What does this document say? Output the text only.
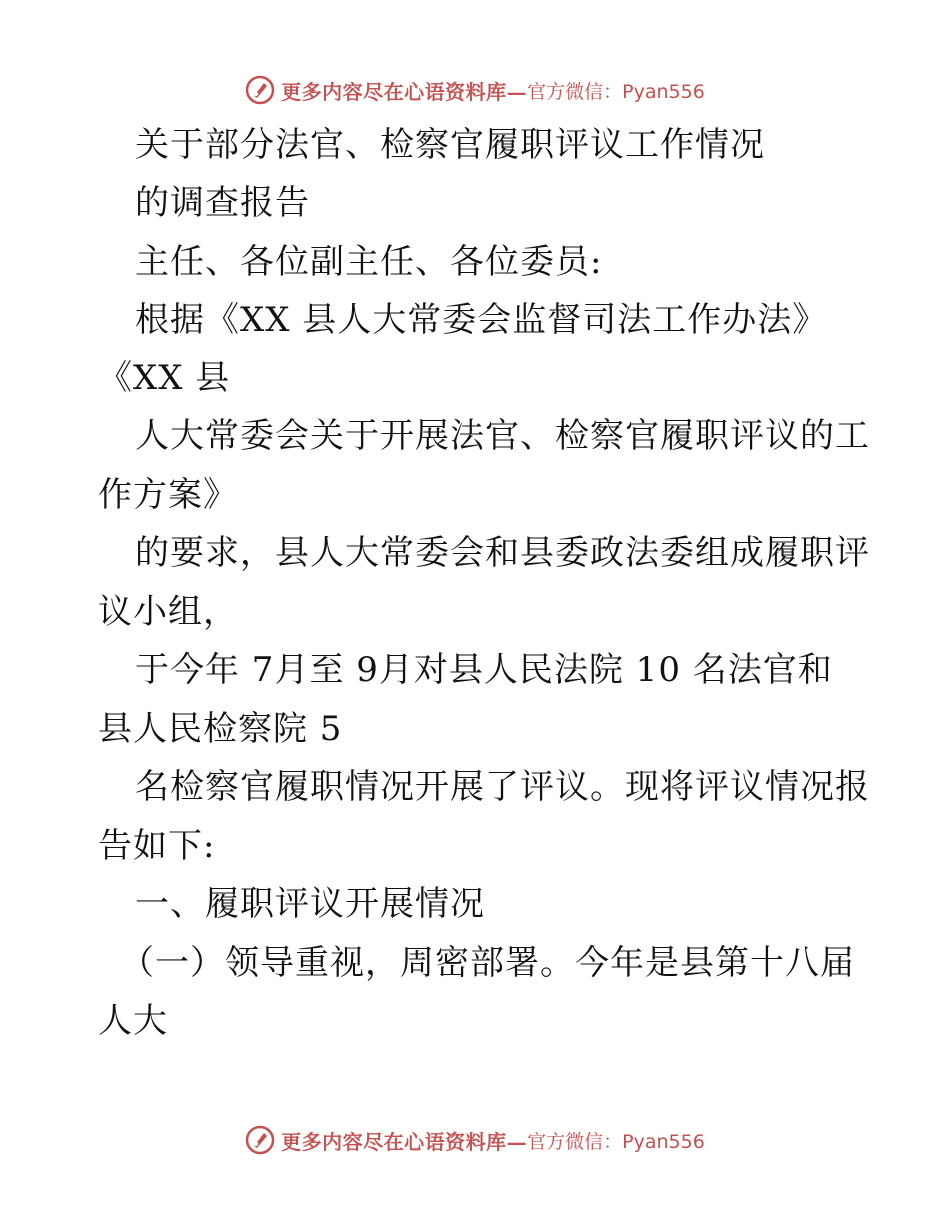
更多内容尽在心语资料库— 官方微信：Pyan556
关于部分法官、检察官履职评议工作情况
的调查报告
主任、各位副主任、各位委员:
根据《XX 县人大常委会监督司法工作办法》
《XX 县
人大常委会关于开展法官、检察官履职评议的工
作方案》
的要求，县人大常委会和县委政法委组成履职评
议小组，
于今年 7月至 9月对县人民法院 10 名法官和
县人民检察院 5
名检察官履职情况开展了评议。现将评议情况报
告如下:
一、履职评议开展情况
（一）领导重视，周密部署。今年是县第十八届
人大
更多内容尽在心语资料库— 官方微信：Pyan556
